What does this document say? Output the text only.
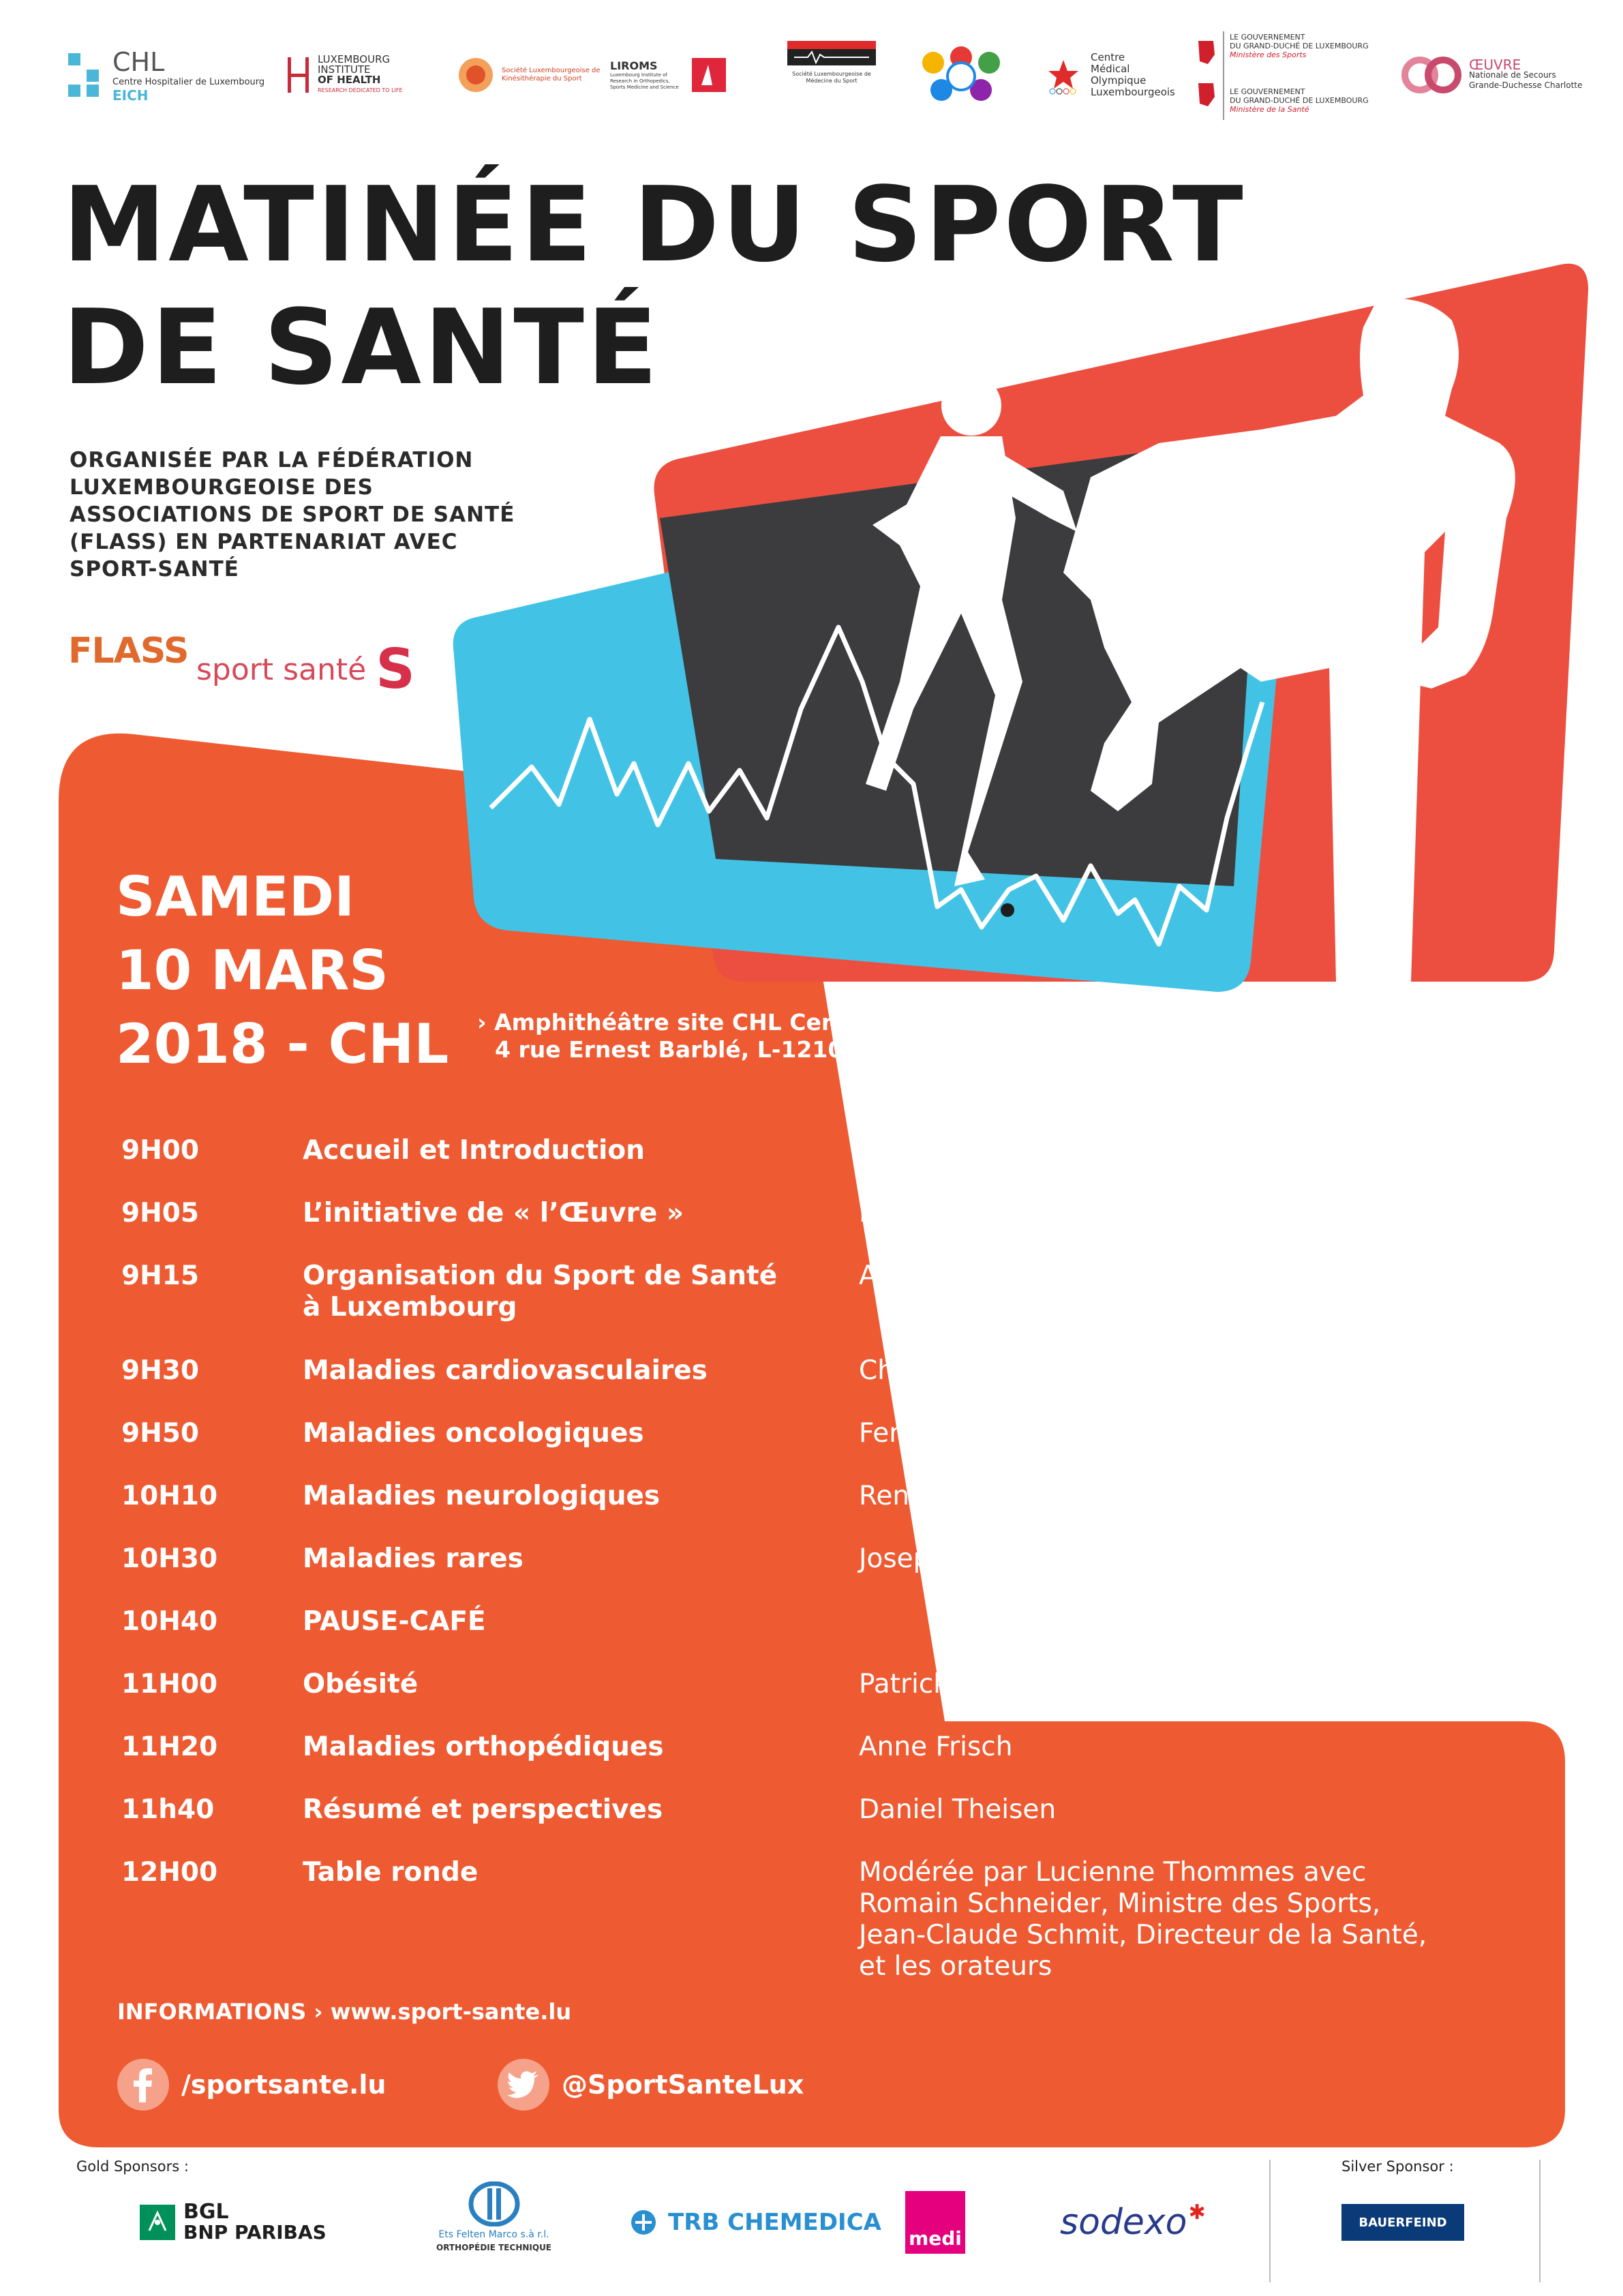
CHL
Centre Hospitalier de Luxembourg
EICH
LUXEMBOURG
INSTITUTE
OF HEALTH
RESEARCH DEDICATED TO LIFE
Société Luxembourgeoise de Kinésithérapie du Sport
LIROMS
Luxembourg Institute of Research in Orthopedics, Sports Medicine and Science
Société Luxembourgeoise de Médecine du Sport
Centre
Médical
Olympique
Luxembourgeois
LE GOUVERNEMENT
DU GRAND-DUCHÉ DE LUXEMBOURG
Ministère des Sports
LE GOUVERNEMENT
DU GRAND-DUCHÉ DE LUXEMBOURG
Ministère de la Santé
ŒUVRE
Nationale de Secours
Grande-Duchesse Charlotte
MATINÉE DU SPORT
DE SANTÉ
ORGANISÉE PAR LA FÉDÉRATION
LUXEMBOURGEOISE DES
ASSOCIATIONS DE SPORT DE SANTÉ
(FLASS) EN PARTENARIAT AVEC
SPORT-SANTÉ
FLASS sport santé S
SAMEDI
10 MARS
2018 - CHL › Amphithéâtre site CHL Centre
4 rue Ernest Barblé, L-1210 Luxembourg
9H00	Accueil et Introduction	Charles Delagardelle
9H05	L’initiative de « l’Œuvre »	Pierre Bley
9H15	Organisation du Sport de Santé
à Luxembourg
Alexis Lion
9H30	Maladies cardiovasculaires	Charles Delagardelle
9H50	Maladies oncologiques	Fernand Ries
10H10	Maladies neurologiques	René Metz
10H30	Maladies rares	Joseph Even
10H40	PAUSE-CAFÉ
11H00	Obésité	Patrick Feiereisen
11H20	Maladies orthopédiques	Anne Frisch
11h40	Résumé et perspectives	Daniel Theisen
12H00	Table ronde	Modérée par Lucienne Thommes avec
Romain Schneider, Ministre des Sports,
Jean-Claude Schmit, Directeur de la Santé,
et les orateurs
INFORMATIONS › www.sport-sante.lu
/sportsante.lu	@SportSanteLux
Gold Sponsors :	Silver Sponsor :
BGL
BNP PARIBAS	Ets Felten Marco s.à r.l.
ORTHOPÉDIE TECHNIQUE
TRB CHEMEDICA
medi	sodexo ✱	BAUERFEIND
